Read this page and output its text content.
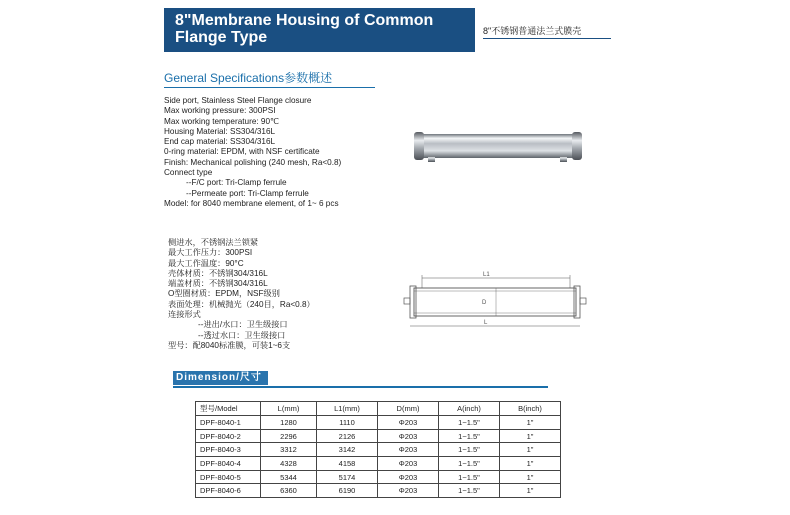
8"Membrane Housing of Common Flange Type	8"不锈钢普通法兰式膜壳
General Specifications参数概述
Side port, Stainless Steel Flange closure
Max working pressure: 300PSI
Max working temperature: 90℃
Housing Material: SS304/316L
End cap material: SS304/316L
0-ring material: EPDM, with NSF certificate
Finish: Mechanical polishing (240 mesh, Ra<0.8)
Connect type
--F/C port: Tri-Clamp ferrule
--Permeate port: Tri-Clamp ferrule
Model: for 8040 membrane element, of 1~ 6 pcs
侧进水，不锈钢法兰锁紧
最大工作压力：300PSI
最大工作温度：90°C
壳体材质：不锈钢304/316L
端盖材质：不锈钢304/316L
O型圈材质：EPDM，NSF级别
表面处理：机械抛光（240目，Ra<0.8）
连接形式
--进出/水口：卫生级接口
--透过水口：卫生级接口
型号：配8040标准膜，可装1~6支
L1
D
L
Dimension/尺寸
型号/Model	L(mm)	L1(mm)	D(mm)	A(inch)	B(inch)
DPF-8040-1	1280	1110	Φ203	1~1.5"	1"
DPF-8040-2	2296	2126	Φ203	1~1.5"	1"
DPF-8040-3	3312	3142	Φ203	1~1.5"	1"
DPF-8040-4	4328	4158	Φ203	1~1.5"	1"
DPF-8040-5	5344	5174	Φ203	1~1.5"	1"
DPF-8040-6	6360	6190	Φ203	1~1.5"	1"
